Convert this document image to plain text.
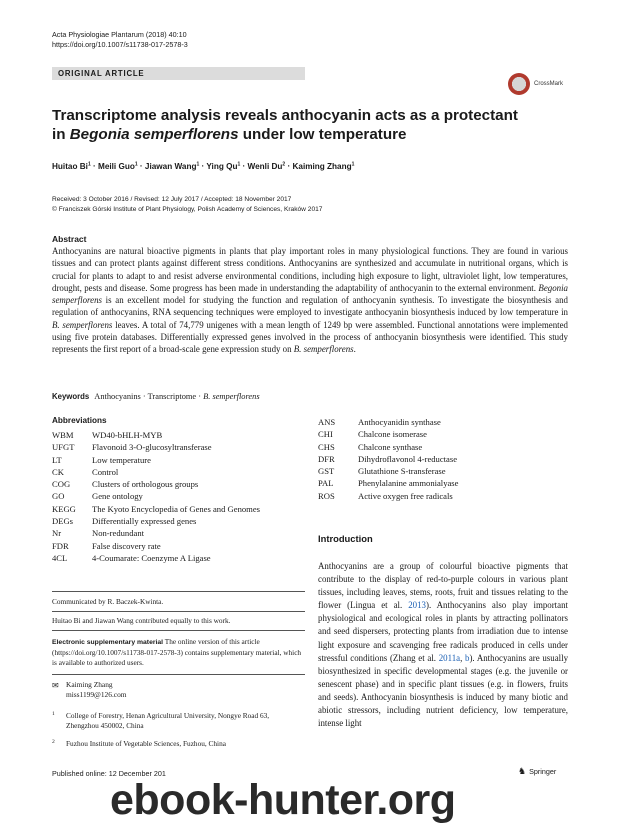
Acta Physiologiae Plantarum (2018) 40:10
https://doi.org/10.1007/s11738-017-2578-3
ORIGINAL ARTICLE
CrossMark
Transcriptome analysis reveals anthocyanin acts as a protectant
in Begonia semperflorens under low temperature
Huitao $Bi^1$ · Meili Guo$^1$ · Jiawan Wang$^1$ · Ying $Qu^1$ · Wenli $Du^2 \cdot Kaiming$ Zhang$^1$
Received: 3 October 2016 / Revised: 12 July 2017 / Accepted: 18 November 2017
© Franciszek Górski Institute of Plant Physiology, Polish Academy of Sciences, Kraków 2017
Abstract
Anthocyanins are natural bioactive pigments in plants that play important roles in many physiological functions. They are found in various tissues and can protect plants against different stress conditions. Anthocyanins are synthesized and accumulate in nutritional organs, which is crucial for plants to adapt to and resist adverse environmental conditions, including high exposure to light, ultraviolet light, low temperatures, drought, pests and disease. Some progress has been made in understanding the adaptability of anthocyanin to the external environment. Begonia semperflorens is an excellent model for studying the function and regulation of anthocyanin synthesis. To investigate the biosynthesis and regulation of anthocyanins, RNA sequencing techniques were employed to investigate anthocyanin biosynthesis induced by low temperature in B. semperflorens leaves. A total of 74,779 unigenes with a mean length of 1249 bp were assembled. Functional annotations were implemented using five protein databases. Differentially expressed genes involved in the process of anthocyanin biosynthesis were identified. This study represents the first report of a broad-scale gene expression study on B. semperflorens.
Keywords Anthocyanins · Transcriptome · B. semperflorens
Abbreviations
WBM WD40-bHLH-MYB
UFGT Flavonoid 3-O-glucosyltransferase
LT	Low temperature
CK	Control
COG	Clusters of orthologous groups
GO	Gene ontology
KEGG The Kyoto Encyclopedia of Genes and Genomes
DEGs Differentially expressed genes
Nr	Non-redundant
FDR	False discovery rate
4CL	4-Coumarate: Coenzyme A Ligase
ANS	Anthocyanidin synthase
CHI	Chalcone isomerase
CHS	Chalcone synthase
DFR	Dihydroflavonol 4-reductase
GST	Glutathione S-transferase
PAL	Phenylalanine ammonialyase
ROS	Active oxygen free radicals
Communicated by R. Baczek-Kwinta.
Huitao Bi and Jiawan Wang contributed equally to this work.
Electronic supplementary material The online version of this article (https://doi.org/10.1007/s11738-017-2578-3) contains supplementary material, which is available to authorized users.
✉ Kaiming Zhang
miss1199@126.com
1 College of Forestry, Henan Agricultural University, Nongye Road 63, Zhengzhou 450002, China
2 Fuzhou Institute of Vegetable Sciences, Fuzhou, China
Introduction
Anthocyanins are a group of colourful bioactive pigments that contribute to the display of red-to-purple colours in various plant tissues, including leaves, stems, roots, fruit and tissues relating to the flower (Lingua et al. 2013). Anthocyanins also play important physiological and ecological roles in plants by attracting pollinators and seed dispersers, protecting plants from irradiation due to intense light exposure and scavenging free radicals produced in cells under stressful conditions (Zhang et al. 2011a, b). Anthocyanins are usually biosynthesized in specific developmental stages (e.g. the juvenile or senescent phase) and in specific plant tissues (e.g. in flowers, fruits and seeds). Anthocyanin biosynthesis is induced by many biotic and abiotic stressors, including nutrient deficiency, low temperature, intense light
Published online: 12 December 201	♞ Springer
ebook-hunter.org
